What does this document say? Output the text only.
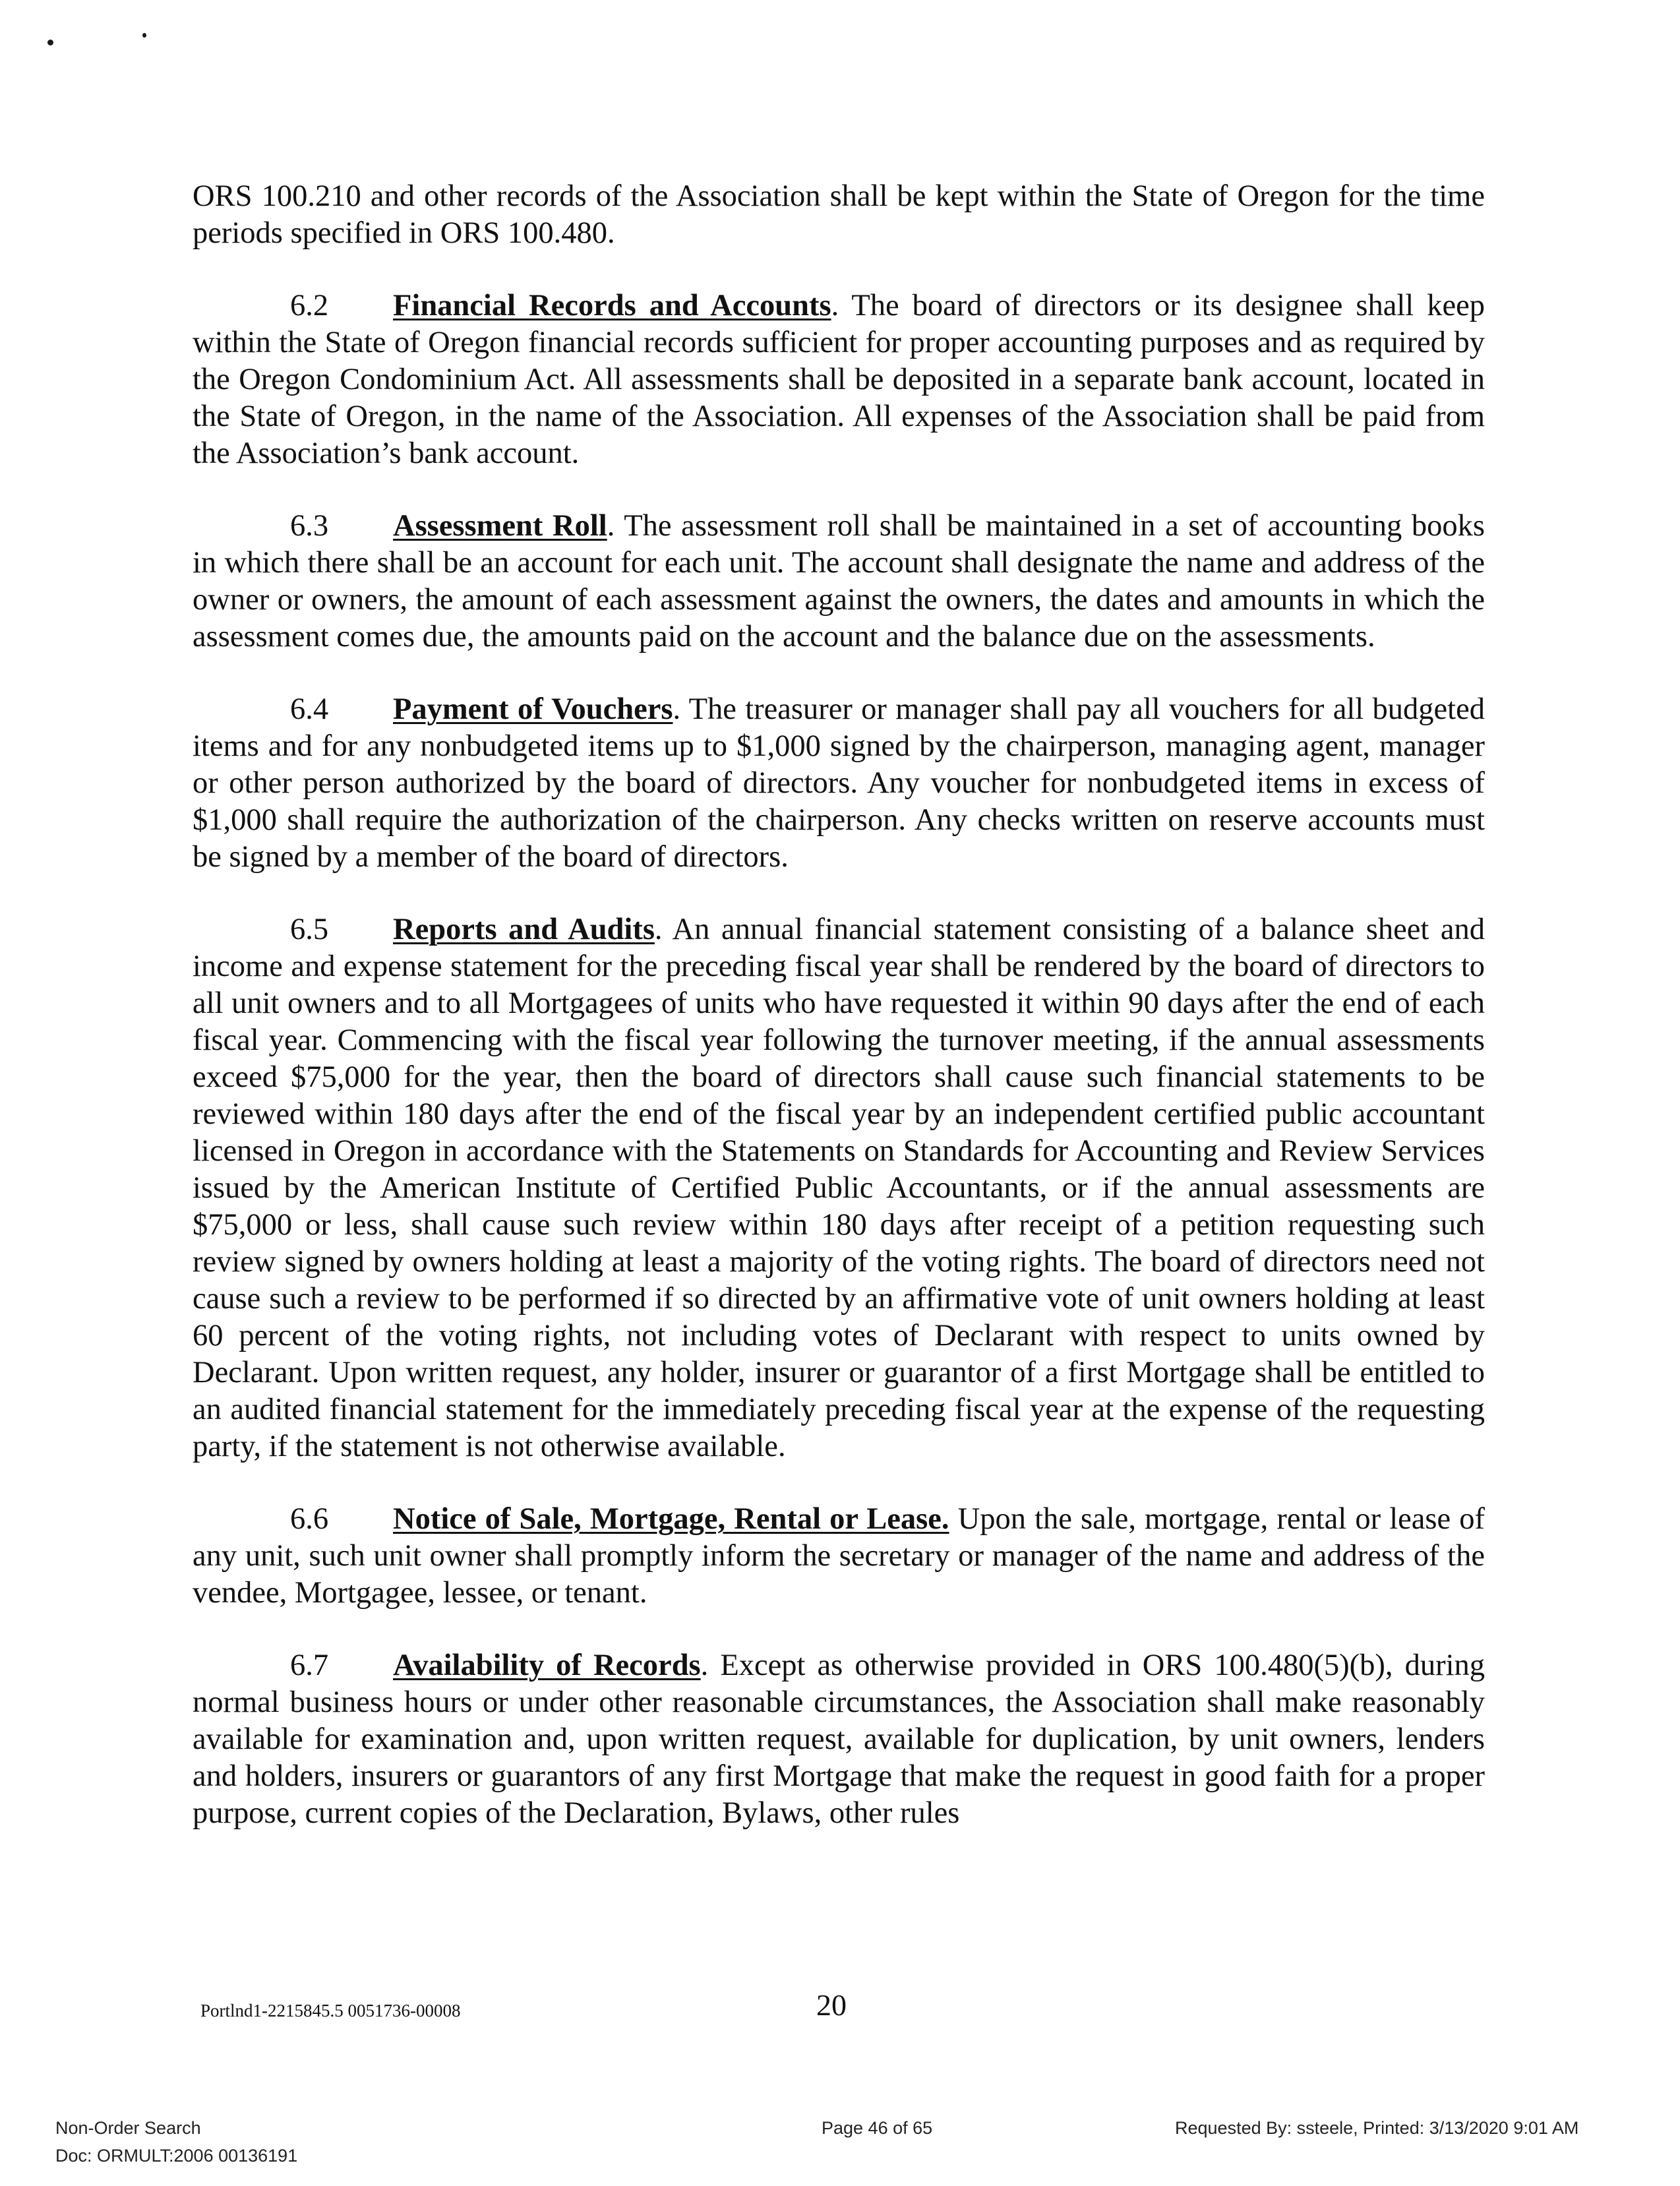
ORS 100.210 and other records of the Association shall be kept within the State of Oregon for the time periods specified in ORS 100.480.

6.2 Financial Records and Accounts. The board of directors or its designee shall keep within the State of Oregon financial records sufficient for proper accounting purposes and as required by the Oregon Condominium Act. All assessments shall be deposited in a separate bank account, located in the State of Oregon, in the name of the Association. All expenses of the Association shall be paid from the Association’s bank account.

6.3 Assessment Roll. The assessment roll shall be maintained in a set of accounting books in which there shall be an account for each unit. The account shall designate the name and address of the owner or owners, the amount of each assessment against the owners, the dates and amounts in which the assessment comes due, the amounts paid on the account and the balance due on the assessments.

6.4 Payment of Vouchers. The treasurer or manager shall pay all vouchers for all budgeted items and for any nonbudgeted items up to $1,000 signed by the chairperson, managing agent, manager or other person authorized by the board of directors. Any voucher for nonbudgeted items in excess of $1,000 shall require the authorization of the chairperson. Any checks written on reserve accounts must be signed by a member of the board of directors.

6.5 Reports and Audits. An annual financial statement consisting of a balance sheet and income and expense statement for the preceding fiscal year shall be rendered by the board of directors to all unit owners and to all Mortgagees of units who have requested it within 90 days after the end of each fiscal year. Commencing with the fiscal year following the turnover meeting, if the annual assessments exceed $75,000 for the year, then the board of directors shall cause such financial statements to be reviewed within 180 days after the end of the fiscal year by an independent certified public accountant licensed in Oregon in accordance with the Statements on Standards for Accounting and Review Services issued by the American Institute of Certified Public Accountants, or if the annual assessments are $75,000 or less, shall cause such review within 180 days after receipt of a petition requesting such review signed by owners holding at least a majority of the voting rights. The board of directors need not cause such a review to be performed if so directed by an affirmative vote of unit owners holding at least 60 percent of the voting rights, not including votes of Declarant with respect to units owned by Declarant. Upon written request, any holder, insurer or guarantor of a first Mortgage shall be entitled to an audited financial statement for the immediately preceding fiscal year at the expense of the requesting party, if the statement is not otherwise available.

6.6 Notice of Sale, Mortgage, Rental or Lease. Upon the sale, mortgage, rental or lease of any unit, such unit owner shall promptly inform the secretary or manager of the name and address of the vendee, Mortgagee, lessee, or tenant.

6.7 Availability of Records. Except as otherwise provided in ORS 100.480(5)(b), during normal business hours or under other reasonable circumstances, the Association shall make reasonably available for examination and, upon written request, available for duplication, by unit owners, lenders and holders, insurers or guarantors of any first Mortgage that make the request in good faith for a proper purpose, current copies of the Declaration, Bylaws, other rules

Portlnd1-2215845.5 0051736-00008	20
Non-Order Search
Doc: ORMULT:2006 00136191
Page 46 of 65	Requested By: ssteele, Printed: 3/13/2020 9:01 AM
